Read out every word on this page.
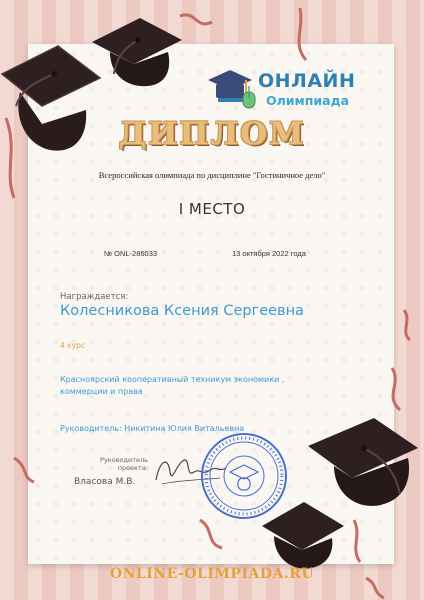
ОНЛАЙН
Олимпиада
ДИПЛОМ
Всероссийская олимпиада по дисциплине "Гостиничное дело"
I МЕСТО
№ ONL-286033	13 октября 2022 года
Награждается:
Колесникова Ксения Сергеевна
4 курс
Красноярский кооперативный техникум экономики ,
коммерции и права
Руководитель: Никитина Юлия Витальевна
Руководитель
проекта:
Власова М.В.
ONLINE-OLIMPIADA.RU
